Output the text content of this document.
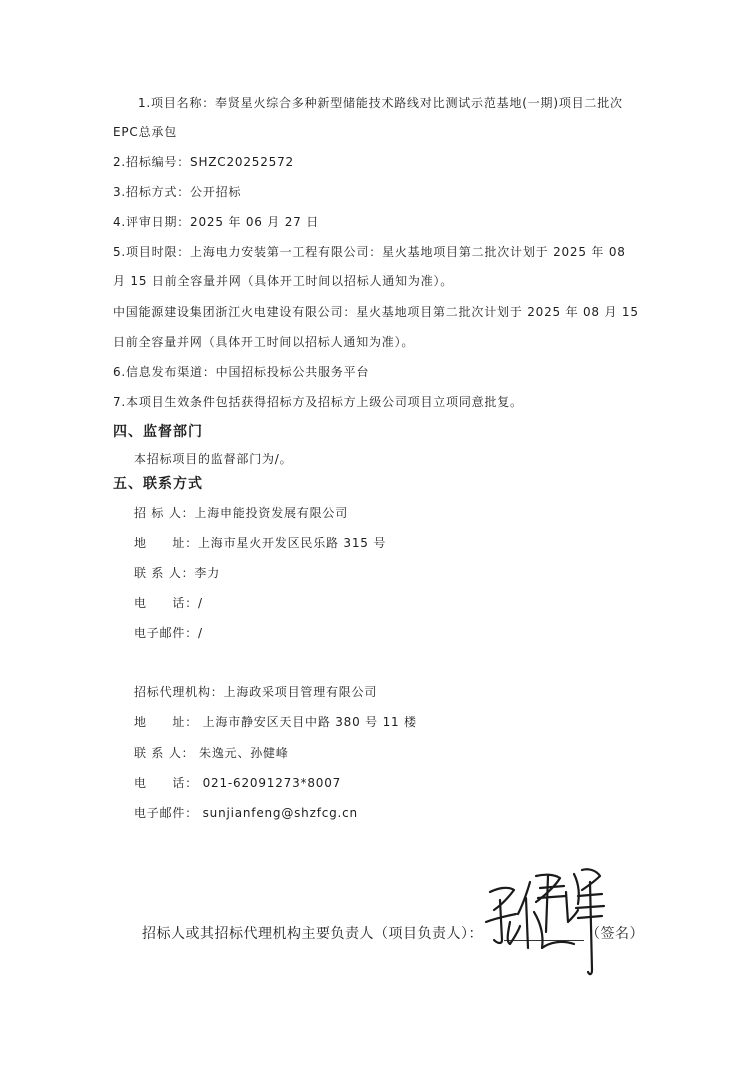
1.项目名称：奉贤星火综合多种新型储能技术路线对比测试示范基地(一期)项目二批次
EPC总承包
2.招标编号：SHZC20252572
3.招标方式：公开招标
4.评审日期：2025 年 06 月 27 日
5.项目时限：上海电力安装第一工程有限公司：星火基地项目第二批次计划于 2025 年 08
月 15 日前全容量并网（具体开工时间以招标人通知为准）。
中国能源建设集团浙江火电建设有限公司：星火基地项目第二批次计划于 2025 年 08 月 15
日前全容量并网（具体开工时间以招标人通知为准）。
6.信息发布渠道：中国招标投标公共服务平台
7.本项目生效条件包括获得招标方及招标方上级公司项目立项同意批复。
四、监督部门
本招标项目的监督部门为/。
五、联系方式
招 标 人：上海申能投资发展有限公司
地　　址：上海市星火开发区民乐路 315 号
联 系 人：李力
电　　话：/
电子邮件：/
招标代理机构：上海政采项目管理有限公司
地　　址： 上海市静安区天目中路 380 号 11 楼
联 系 人： 朱逸元、孙健峰
电　　话： 021-62091273*8007
电子邮件： sunjianfeng@shzfcg.cn
招标人或其招标代理机构主要负责人（项目负责人）：	（签名）
